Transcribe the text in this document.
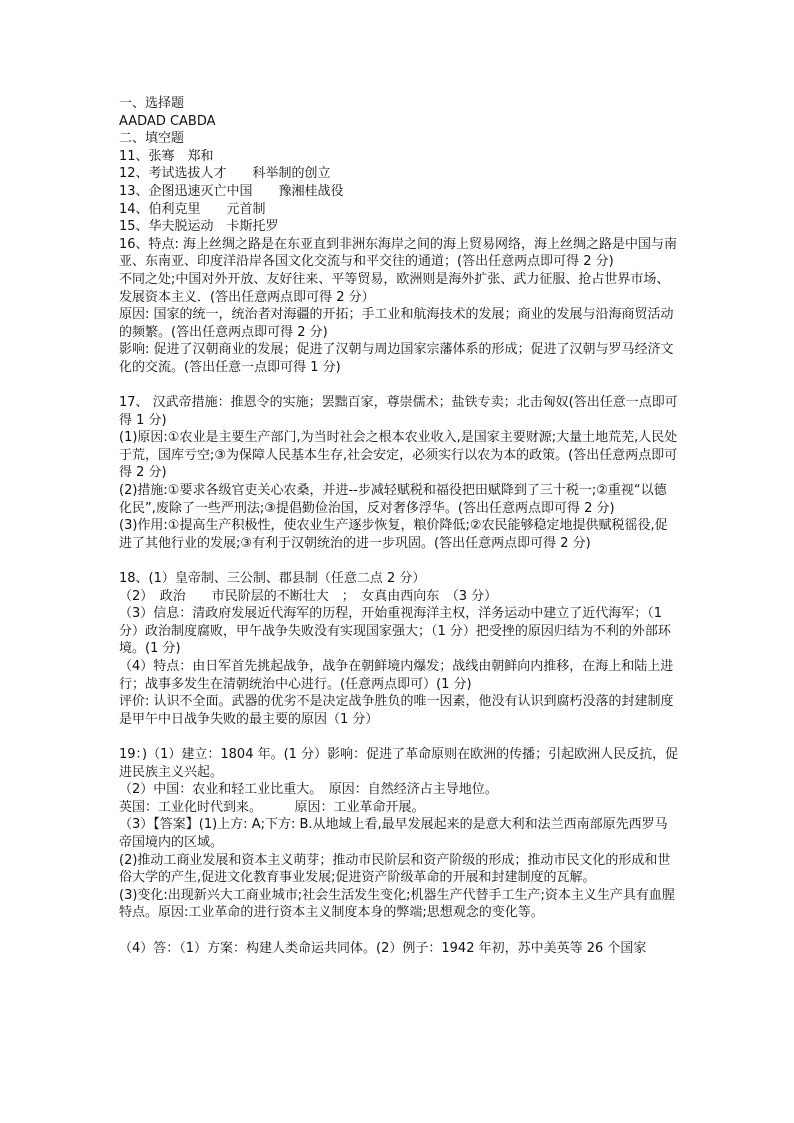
一、选择题

AADAD CABDA

二、填空题

11、张骞　郑和

12、考试选拔人才　　科举制的创立

13、企图迅速灭亡中国　　豫湘桂战役

14、伯利克里　　元首制

15、华夫脱运动　卡斯托罗

16、特点: 海上丝绸之路是在东亚直到非洲东海岸之间的海上贸易网络，海上丝绸之路是中国与南亚、东南亚、印度洋沿岸各国文化交流与和平交往的通道；(答出任意两点即可得 2 分)

不同之处;中国对外开放、友好往来、平等贸易，欧洲则是海外扩张、武力征服、抢占世界市场、发展资本主义．(答出任意两点即可得 2 分）

原因: 国家的统一，统治者对海疆的开拓；手工业和航海技术的发展；商业的发展与沿海商贸活动的频繁。(答出任意两点即可得 2 分)

影响: 促进了汉朝商业的发展；促进了汉朝与周边国家宗藩体系的形成；促进了汉朝与罗马经济文化的交流。(答出任意一点即可得 1 分)

17、 汉武帝措施：推恩令的实施；罢黜百家，尊崇儒术；盐铁专卖；北击匈奴(答出任意一点即可得 1 分)

(1)原因:①农业是主要生产部门,为当时社会之根本农业收入,是国家主要财源;大量土地荒芜,人民处于荒，国库亏空;③为保障人民基本生存,社会安定，必须实行以农为本的政策。(答出任意两点即可得 2 分)

(2)措施:①要求各级官吏关心农桑，并进--步减轻赋税和福役把田赋降到了三十税一;②重视“以德化民”,废除了一些严刑法;③提倡勤俭治国，反对奢侈浮华。(答出任意两点即可得 2 分)

(3)作用:①提高生产积极性，使农业生产逐步恢复，粮价降低;②农民能够稳定地提供赋税徭役,促进了其他行业的发展;③有利于汉朝统治的进一步巩固。(答出任意两点即可得 2 分)

18、(1）皇帝制、三公制、郡县制（任意二点 2 分）

（2）　政治　　市民阶层的不断壮大　；　女真由西向东　（3 分）

（3）信息：清政府发展近代海军的历程，开始重视海洋主权，洋务运动中建立了近代海军；（1 分）政治制度腐败，甲午战争失败没有实现国家强大；（1 分）把受挫的原因归结为不利的外部环境。(1 分)

（4）特点：由日军首先挑起战争，战争在朝鲜境内爆发；战线由朝鲜向内推移，在海上和陆上进行；战事多发生在清朝统治中心进行。(任意两点即可）(1 分)

评价: 认识不全面。武器的优劣不是决定战争胜负的唯一因素，他没有认识到腐朽没落的封建制度是甲午中日战争失败的最主要的原因（1 分）

19：)（1）建立：1804 年。(1 分）影响：促进了革命原则在欧洲的传播；引起欧洲人民反抗，促进民族主义兴起。

（2）中国：农业和轻工业比重大。　原因：自然经济占主导地位。

英国：工业化时代到来。　　　原因：工业革命开展。

（3）【答案】(1)上方: A;下方: B.从地域上看,最早发展起来的是意大利和法兰西南部原先西罗马帝国境内的区域。

(2)推动工商业发展和资本主义萌芽；推动市民阶层和资产阶级的形成；推动市民文化的形成和世俗大学的产生,促进文化教育事业发展;促进资产阶级革命的开展和封建制度的瓦解。

(3)变化:出现新兴大工商业城市;社会生活发生变化;机器生产代替手工生产;资本主义生产具有血腥特点。原因:工业革命的进行资本主义制度本身的弊端;思想观念的变化等。

（4）答：（1）方案：构建人类命运共同体。(2）例子：1942 年初，苏中美英等 26 个国家
